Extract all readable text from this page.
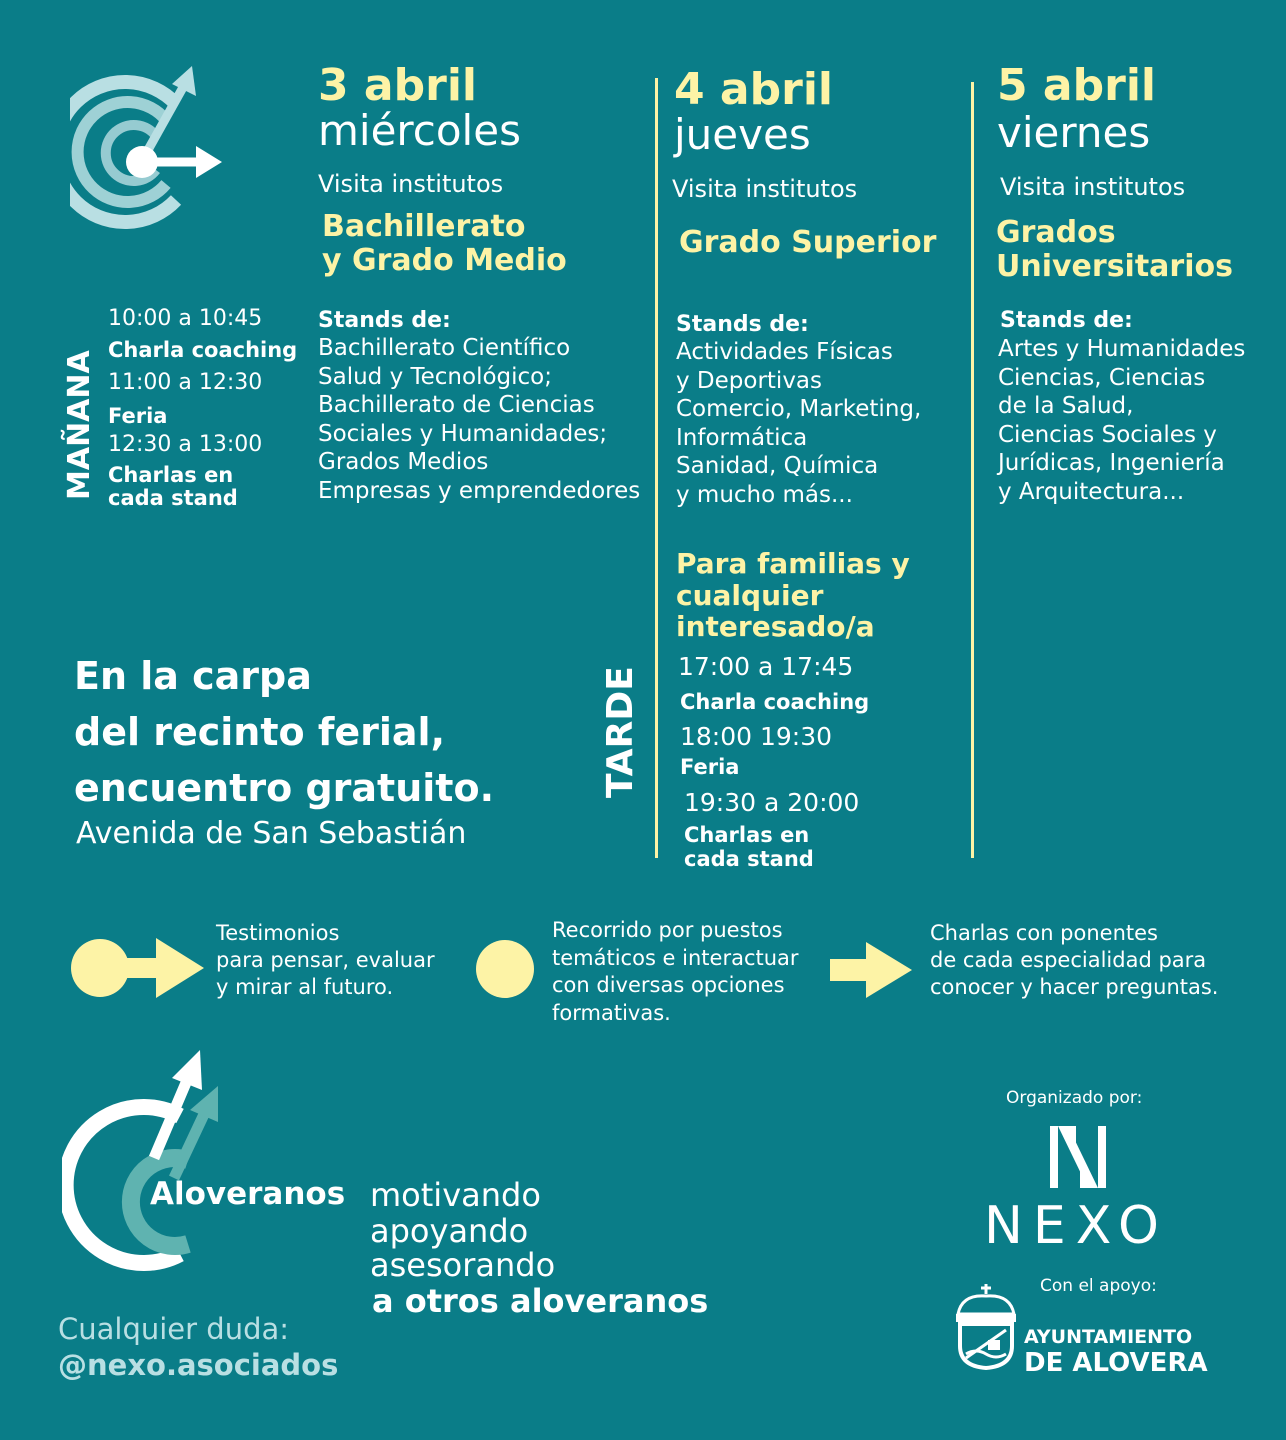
3 abril
miércoles
Visita institutos
Bachillerato
y Grado Medio
Stands de:
Bachillerato Científico
Salud y Tecnológico;
Bachillerato de Ciencias
Sociales y Humanidades;
Grados Medios
Empresas y emprendedores
4 abril
jueves
Visita institutos
Grado Superior
Stands de:
Actividades Físicas
y Deportivas
Comercio, Marketing,
Informática
Sanidad, Química
y mucho más...
5 abril
viernes
Visita institutos
Grados
Universitarios
Stands de:
Artes y Humanidades
Ciencias, Ciencias
de la Salud,
Ciencias Sociales y
Jurídicas, Ingeniería
y Arquitectura...
MAÑANA
10:00 a 10:45
Charla coaching
11:00 a 12:30
Feria
12:30 a 13:00
Charlas en
cada stand
TARDE
Para familias y
cualquier
interesado/a
17:00 a 17:45
Charla coaching
18:00 19:30
Feria
19:30 a 20:00
Charlas en
cada stand
En la carpa
del recinto ferial,
encuentro gratuito.
Avenida de San Sebastián
Testimonios
para pensar, evaluar
y mirar al futuro.
Recorrido por puestos
temáticos e interactuar
con diversas opciones
formativas.
Charlas con ponentes
de cada especialidad para
conocer y hacer preguntas.
Aloveranos motivando
apoyando
asesorando
a otros aloveranos
Cualquier duda:
@nexo.asociados
Organizado por:
NEXO
Con el apoyo:
AYUNTAMIENTO
DE ALOVERA
